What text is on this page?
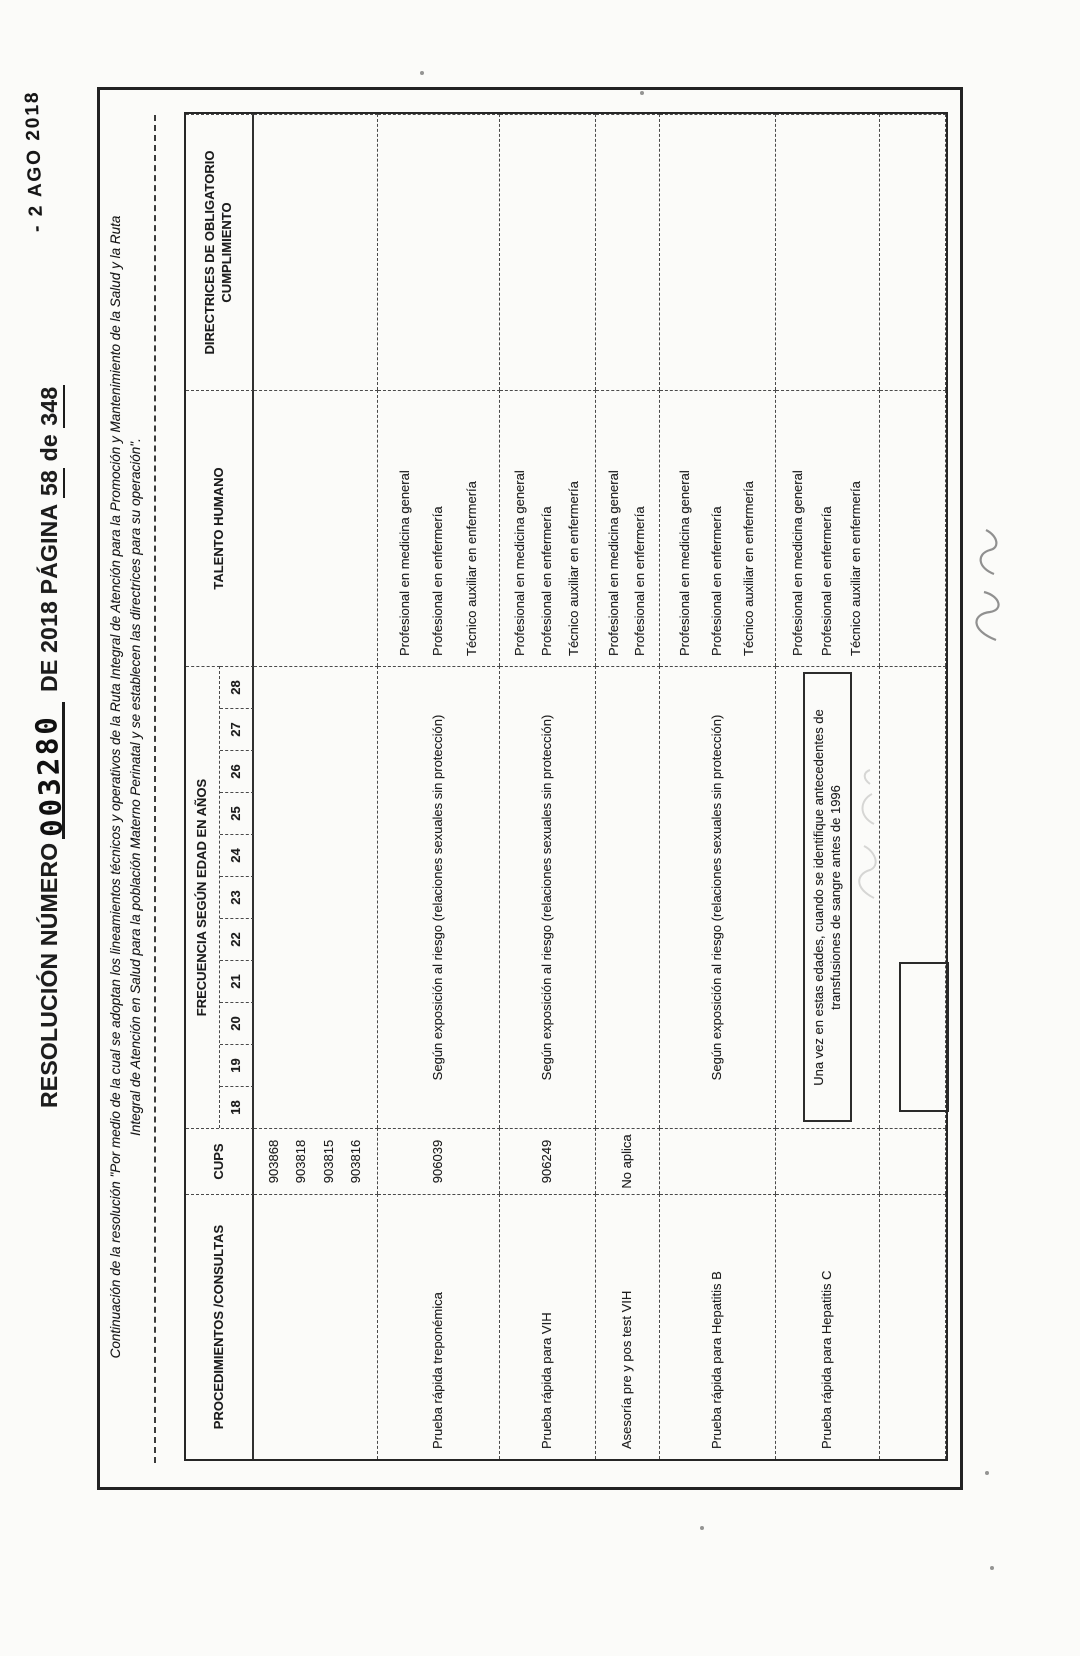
- 2 AGO 2018
RESOLUCIÓN NÚMERO003280DE 2018 PÁGINA 58 de 348	Continuación de la resolución "Por medio de la cual se adoptan los lineamientos técnicos y operativos de la Ruta Integral de Atención para la Promoción y Mantenimiento de la Salud y la Ruta Integral de Atención en Salud para la población Materno Perinatal y se establecen las directrices para su operación".
PROCEDIMIENTOS /CONSULTAS
CUPS
FRECUENCIA SEGÚN EDAD EN AÑOS
18
19
20
21
22
23
24
25
26
27
28
TALENTO HUMANO
DIRECTRICES DE OBLIGATORIO CUMPLIMIENTO
903868 903818 903815 903816
Prueba rápida treponémica
906039
Según exposición al riesgo (relaciones sexuales sin protección)
Profesional en medicina general Profesional en enfermería Técnico auxiliar en enfermería
Prueba rápida para VIH
906249
Según exposición al riesgo (relaciones sexuales sin protección)
Profesional en medicina general Profesional en enfermería Técnico auxiliar en enfermería
Asesoría pre y pos test VIH
No aplica
Profesional en medicina general Profesional en enfermería
Prueba rápida para Hepatitis B
Según exposición al riesgo (relaciones sexuales sin protección)
Profesional en medicina general Profesional en enfermería Técnico auxiliar en enfermería
Prueba rápida para Hepatitis C
Una vez en estas edades, cuando se identifique antecedentes de transfusiones de sangre antes de 1996
Profesional en medicina general Profesional en enfermería Técnico auxiliar en enfermería
